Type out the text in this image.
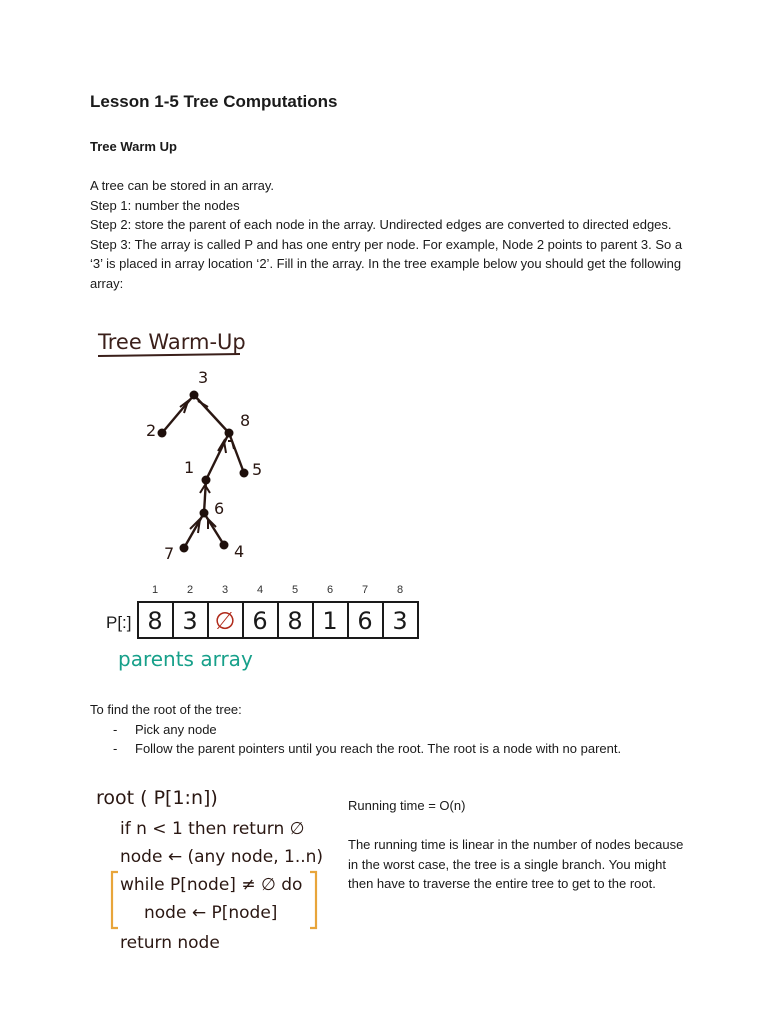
Lesson 1-5 Tree Computations
Tree Warm Up

A tree can be stored in an array.

Step 1: number the nodes

Step 2: store the parent of each node in the array. Undirected edges are converted to directed edges.

Step 3: The array is called P and has one entry per node. For example, Node 2 points to parent 3. So a ‘3’ is placed in array location ‘2’. Fill in the array. In the tree example below you should get the following array:

Tree Warm-Up
3
2
8
1	5
6
7	4
1	2	3	4	5	6	7	8
P[:] 8 3 ∅ 6 8 1 6 3
parents array

To find the root of the tree:

- Pick any node
- Follow the parent pointers until you reach the root. The root is a node with no parent.
root ( P[1:n])
if n < 1 then return ∅
node ← (any node, 1..n)
while P[node] ≠ ∅ do
node ← P[node]
return node

Running time = O(n)

The running time is linear in the number of nodes because in the worst case, the tree is a single branch. You might then have to traverse the entire tree to get to the root.
